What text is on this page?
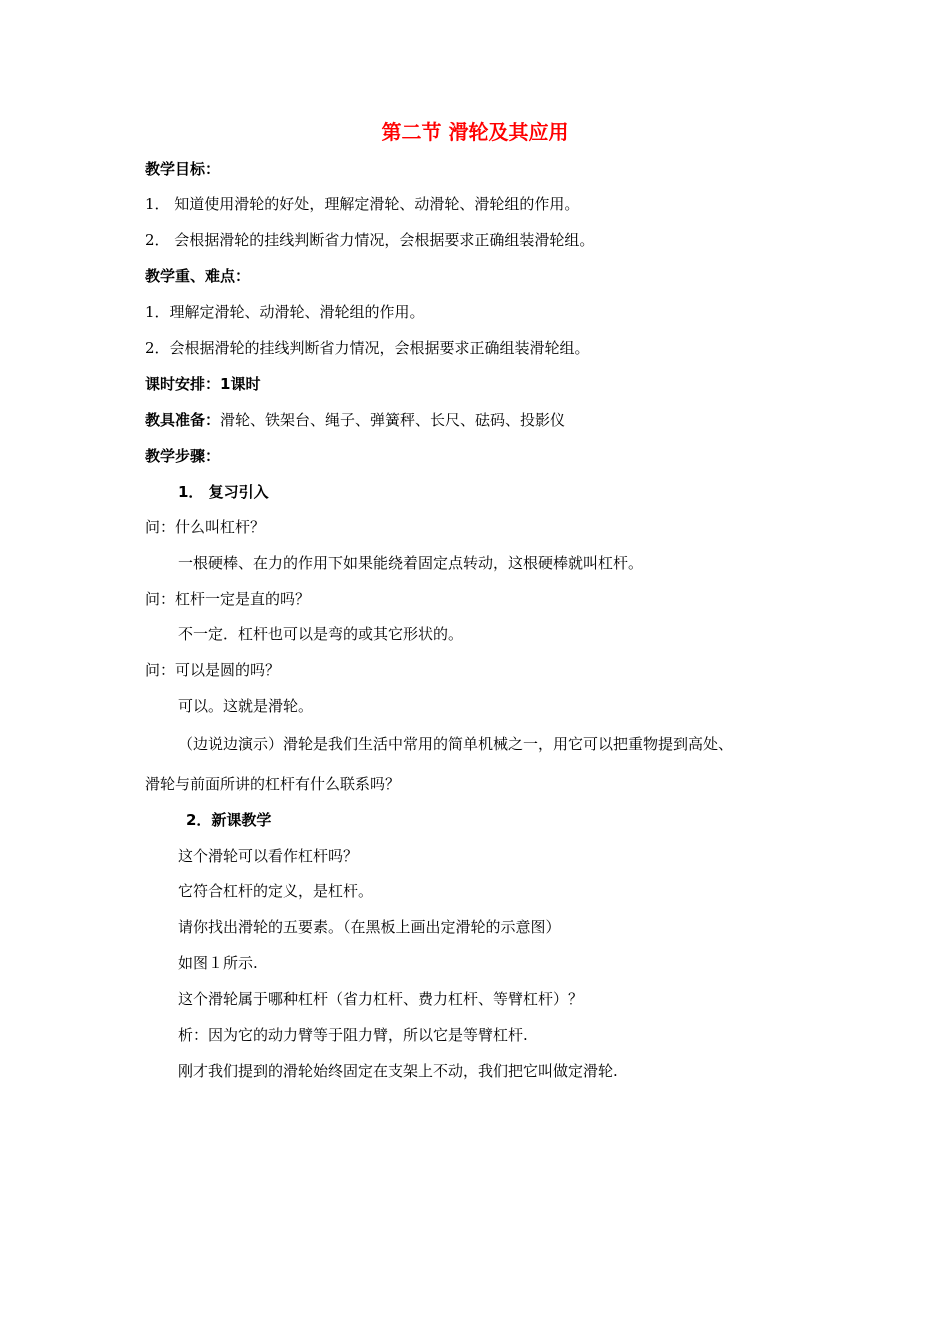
第二节 滑轮及其应用
教学目标：
1． 知道使用滑轮的好处，理解定滑轮、动滑轮、滑轮组的作用。
2． 会根据滑轮的挂线判断省力情况，会根据要求正确组装滑轮组。
教学重、难点：
1．理解定滑轮、动滑轮、滑轮组的作用。
2．会根据滑轮的挂线判断省力情况，会根据要求正确组装滑轮组。
课时安排：1课时
教具准备：滑轮、铁架台、绳子、弹簧秤、长尺、砝码、投影仪
教学步骤：
1． 复习引入
问：什么叫杠杆？
一根硬棒、在力的作用下如果能绕着固定点转动，这根硬棒就叫杠杆。
问：杠杆一定是直的吗？
不一定．杠杆也可以是弯的或其它形状的。
问：可以是圆的吗？
可以。这就是滑轮。
（边说边演示）滑轮是我们生活中常用的简单机械之一，用它可以把重物提到高处、
滑轮与前面所讲的杠杆有什么联系吗？
2．新课教学
这个滑轮可以看作杠杆吗？
它符合杠杆的定义，是杠杆。
请你找出滑轮的五要素。（在黑板上画出定滑轮的示意图）
如图１所示.
这个滑轮属于哪种杠杆（省力杠杆、费力杠杆、等臂杠杆）？
析：因为它的动力臂等于阻力臂，所以它是等臂杠杆.
刚才我们提到的滑轮始终固定在支架上不动，我们把它叫做定滑轮.
